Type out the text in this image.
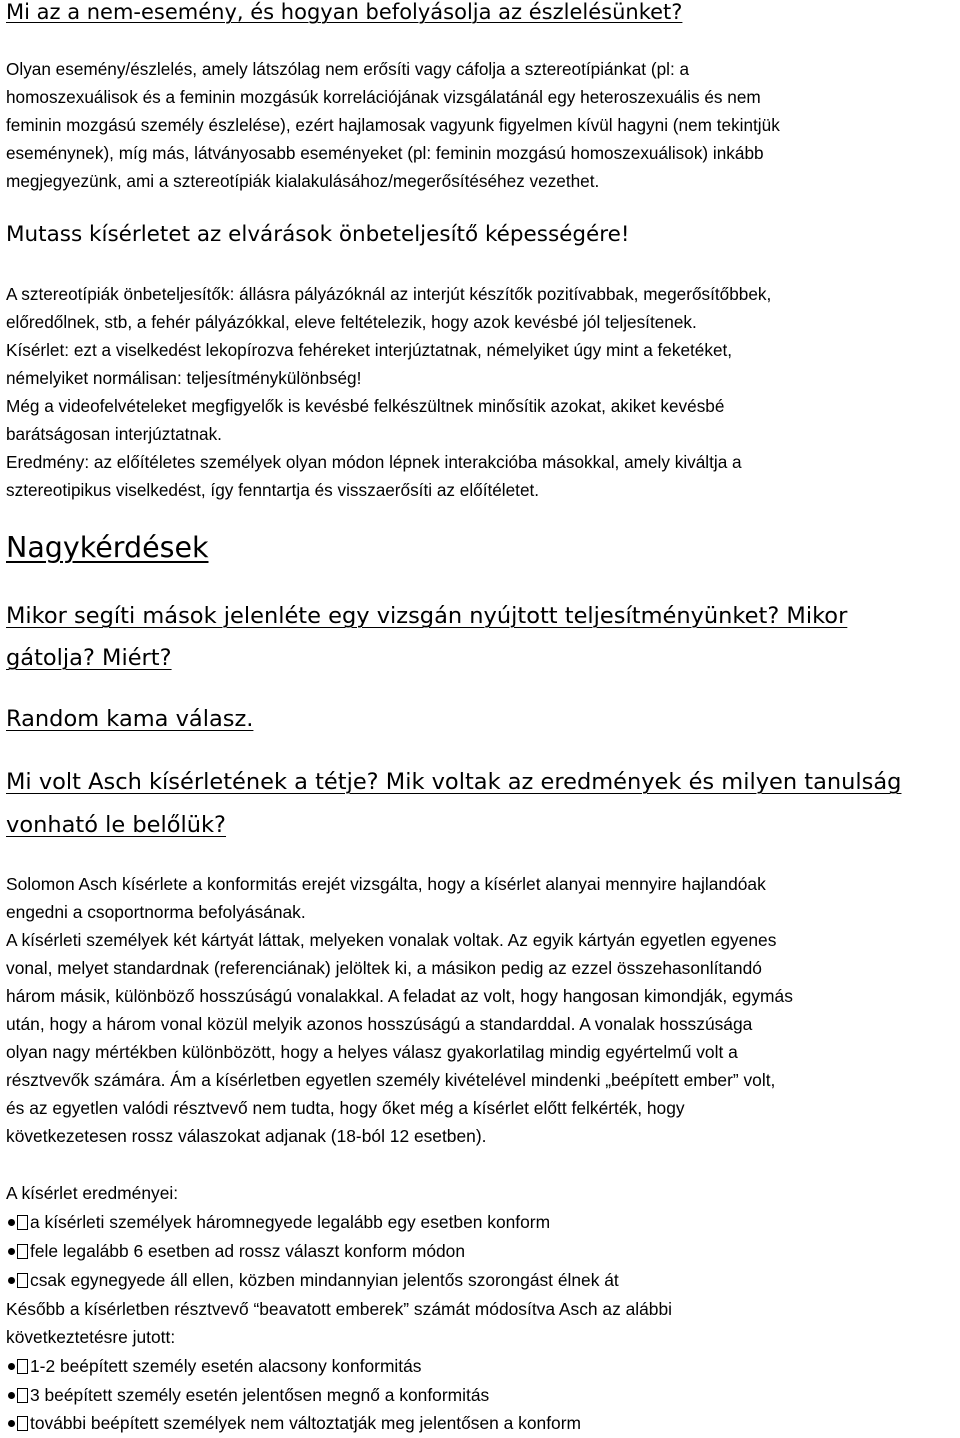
Mi az a nem-esemény, és hogyan befolyásolja az észlelésünket?
Olyan esemény/észlelés, amely látszólag nem erősíti vagy cáfolja a sztereotípiánkat (pl: a
homoszexuálisok és a feminin mozgásúk korrelációjának vizsgálatánál egy heteroszexuális és nem
feminin mozgású személy észlelése), ezért hajlamosak vagyunk figyelmen kívül hagyni (nem tekintjük
eseménynek), míg más, látványosabb eseményeket (pl: feminin mozgású homoszexuálisok) inkább
megjegyezünk, ami a sztereotípiák kialakulásához/megerősítéséhez vezethet.
Mutass kísérletet az elvárások önbeteljesítő képességére!
A sztereotípiák önbeteljesítők: állásra pályázóknál az interjút készítők pozitívabbak, megerősítőbbek,
előredőlnek, stb, a fehér pályázókkal, eleve feltételezik, hogy azok kevésbé jól teljesítenek.
Kísérlet: ezt a viselkedést lekopírozva fehéreket interjúztatnak, némelyiket úgy mint a feketéket,
némelyiket normálisan: teljesítménykülönbség!
Még a videofelvételeket megfigyelők is kevésbé felkészültnek minősítik azokat, akiket kevésbé
barátságosan interjúztatnak.
Eredmény: az előítéletes személyek olyan módon lépnek interakcióba másokkal, amely kiváltja a
sztereotipikus viselkedést, így fenntartja és visszaerősíti az előítéletet.
Nagykérdések
Mikor segíti mások jelenléte egy vizsgán nyújtott teljesítményünket? Mikor
gátolja? Miért?
Random kama válasz.
Mi volt Asch kísérletének a tétje? Mik voltak az eredmények és milyen tanulság
vonható le belőlük?
Solomon Asch kísérlete a konformitás erejét vizsgálta, hogy a kísérlet alanyai mennyire hajlandóak
engedni a csoportnorma befolyásának.
A kísérleti személyek két kártyát láttak, melyeken vonalak voltak. Az egyik kártyán egyetlen egyenes
vonal, melyet standardnak (referenciának) jelöltek ki, a másikon pedig az ezzel összehasonlítandó
három másik, különböző hosszúságú vonalakkal. A feladat az volt, hogy hangosan kimondják, egymás
után, hogy a három vonal közül melyik azonos hosszúságú a standarddal. A vonalak hosszúsága
olyan nagy mértékben különbözött, hogy a helyes válasz gyakorlatilag mindig egyértelmű volt a
résztvevők számára. Ám a kísérletben egyetlen személy kivételével mindenki „beépített ember” volt,
és az egyetlen valódi résztvevő nem tudta, hogy őket még a kísérlet előtt felkérték, hogy
következetesen rossz válaszokat adjanak (18-ból 12 esetben).
A kísérlet eredményei:
a kísérleti személyek háromnegyede legalább egy esetben konform
fele legalább 6 esetben ad rossz választ konform módon
csak egynegyede áll ellen, közben mindannyian jelentős szorongást élnek át
Később a kísérletben résztvevő “beavatott emberek” számát módosítva Asch az alábbi
következtetésre jutott:
1-2 beépített személy esetén alacsony konformitás
3 beépített személy esetén jelentősen megnő a konformitás
további beépített személyek nem változtatják meg jelentősen a konform
